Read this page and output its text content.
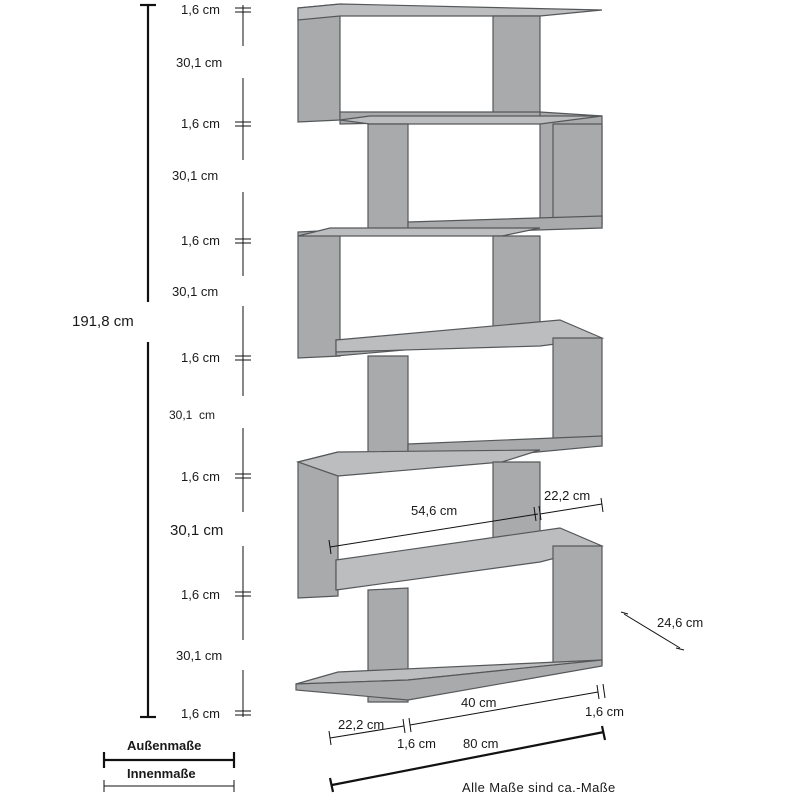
191,8 cm
1,6 cm
30,1 cm
1,6 cm
30,1 cm
1,6 cm
30,1 cm
1,6 cm
30,1  cm
1,6 cm
30,1 cm
1,6 cm
30,1 cm
1,6 cm
54,6 cm
22,2 cm
24,6 cm
40 cm
1,6 cm
22,2 cm
1,6 cm 80 cm
Alle Maße sind ca.-Maße
Außenmaße
Innenmaße
